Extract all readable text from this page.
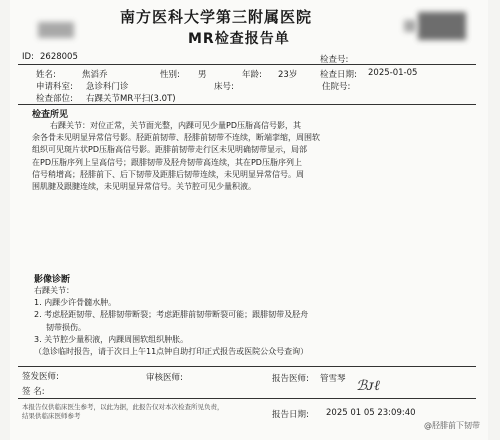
南方医科大学第三附属医院
MR检查报告单
ID: 2628005	检查号:
姓名:	焦滔乔	性别: 男	年龄: 23岁	检查日期: 2025-01-05
申请科室: 急诊科门诊	床号:	住院号:
检查部位: 右踝关节MR平扫(3.0T)
检查所见
右踝关节：对位正常，关节面光整，内踝可见少量PD压脂高信号影，其
余各骨未见明显异常信号影。胫距前韧带、胫腓前韧带不连续，断端挛缩，周围软
组织可见斑片状PD压脂高信号影。距腓前韧带走行区未见明确韧带显示，局部
在PD压脂序列上呈高信号；跟腓韧带及胫舟韧带高连续，其在PD压脂序列上
信号稍增高；胫腓前下、后下韧带及距腓后韧带连续，未见明显异常信号。周
围肌腱及跟腱连续，未见明显异常信号。关节腔可见少量积液。
影像诊断
右踝关节：
1. 内踝少许骨髓水肿。
2. 考虑胫距韧带、胫腓韧带断裂；考虑距腓前韧带断裂可能；跟腓韧带及胫舟
韧带损伤。
3. 关节腔少量积液，内踝周围软组织肿胀。
（急诊临时报告，请于次日上午11点钟自助打印正式报告或医院公众号查询）
签发医师:	审核医师:	报告医师: 管雪琴
签 名:	ℬ⁠ᴊ⁠ℓ
本报告仅供临床医生参考，以此为据，此报告仅对本次检查所见负责，
结果供临床医师参考	报告日期: 2025 01 05 23:09:40
@胫腓前下韧带
